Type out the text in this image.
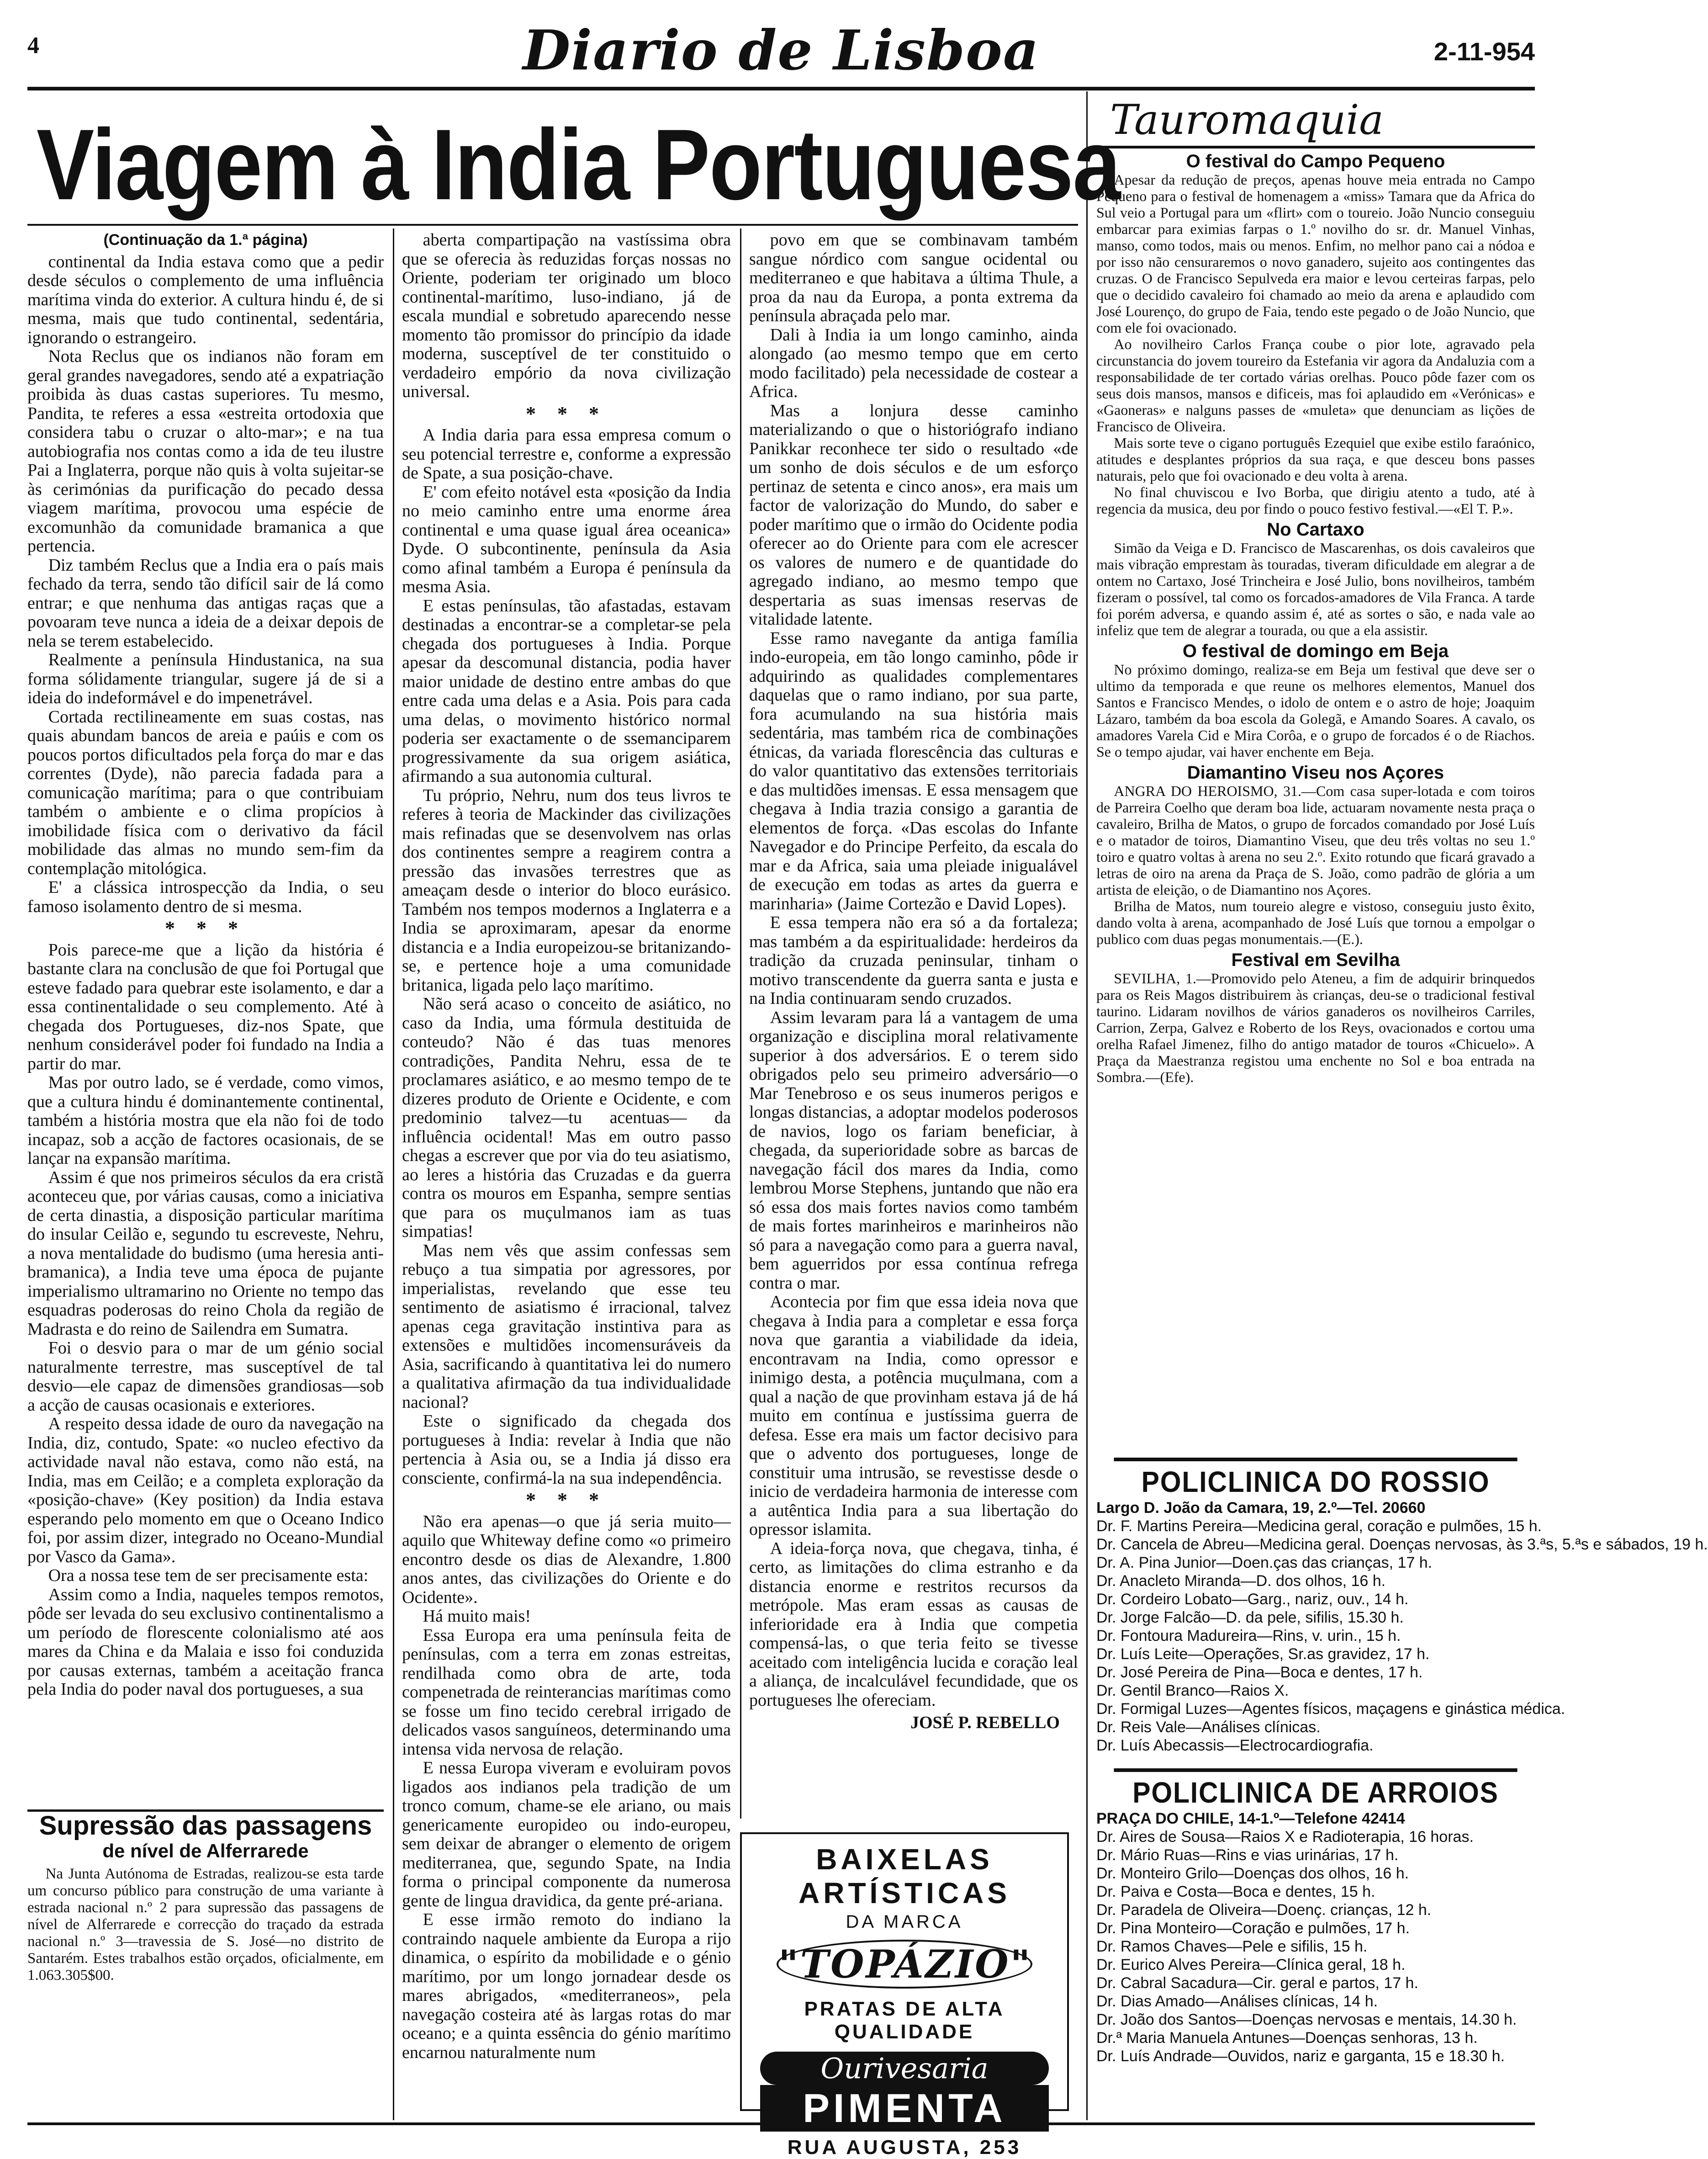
4	Diario de Lisboa	2-11-954
Viagem à India Portuguesa

(Continuação da 1.ª página)

continental da India estava como que a pedir desde séculos o complemento de uma influência marítima vinda do exterior. A cultura hindu é, de si mesma, mais que tudo continental, sedentária, ignorando o estrangeiro.

Nota Reclus que os indianos não foram em geral grandes navegadores, sendo até a expatriação proibida às duas castas superiores. Tu mesmo, Pandita, te referes a essa «estreita ortodoxia que considera tabu o cruzar o alto-mar»; e na tua autobiografia nos contas como a ida de teu ilustre Pai a Inglaterra, porque não quis à volta sujeitar-se às cerimónias da purificação do pecado dessa viagem marítima, provocou uma espécie de excomunhão da comunidade bramanica a que pertencia.

Diz também Reclus que a India era o país mais fechado da terra, sendo tão difícil sair de lá como entrar; e que nenhuma das antigas raças que a povoaram teve nunca a ideia de a deixar depois de nela se terem estabelecido.

Realmente a península Hindustanica, na sua forma sólidamente triangular, sugere já de si a ideia do indeformável e do impenetrável.

Cortada rectilineamente em suas costas, nas quais abundam bancos de areia e paúis e com os poucos portos dificultados pela força do mar e das correntes (Dyde), não parecia fadada para a comunicação marítima; para o que contribuiam também o ambiente e o clima propícios à imobilidade física com o derivativo da fácil mobilidade das almas no mundo sem-fim da contemplação mitológica.

E' a clássica introspecção da India, o seu famoso isolamento dentro de si mesma.

* * *

Pois parece-me que a lição da história é bastante clara na conclusão de que foi Portugal que esteve fadado para quebrar este isolamento, e dar a essa continentalidade o seu complemento. Até à chegada dos Portugueses, diz-nos Spate, que nenhum considerável poder foi fundado na India a partir do mar.

Mas por outro lado, se é verdade, como vimos, que a cultura hindu é dominantemente continental, também a história mostra que ela não foi de todo incapaz, sob a acção de factores ocasionais, de se lançar na expansão marítima.

Assim é que nos primeiros séculos da era cristã aconteceu que, por várias causas, como a iniciativa de certa dinastia, a disposição particular marítima do insular Ceilão e, segundo tu escreveste, Nehru, a nova mentalidade do budismo (uma heresia anti-bramanica), a India teve uma época de pujante imperialismo ultramarino no Oriente no tempo das esquadras poderosas do reino Chola da região de Madrasta e do reino de Sailendra em Sumatra.

Foi o desvio para o mar de um génio social naturalmente terrestre, mas susceptível de tal desvio—ele capaz de dimensões grandiosas—sob a acção de causas ocasionais e exteriores.

A respeito dessa idade de ouro da navegação na India, diz, contudo, Spate: «o nucleo efectivo da actividade naval não estava, como não está, na India, mas em Ceilão; e a completa exploração da «posição-chave» (Key position) da India estava esperando pelo momento em que o Oceano Indico foi, por assim dizer, integrado no Oceano-Mundial por Vasco da Gama».

Ora a nossa tese tem de ser precisamente esta:

Assim como a India, naqueles tempos remotos, pôde ser levada do seu exclusivo continentalismo a um período de florescente colonialismo até aos mares da China e da Malaia e isso foi conduzida por causas externas, também a aceitação franca pela India do poder naval dos portugueses, a sua

aberta compartipação na vastíssima obra que se oferecia às reduzidas forças nossas no Oriente, poderiam ter originado um bloco continental-marítimo, luso-indiano, já de escala mundial e sobretudo aparecendo nesse momento tão promissor do princípio da idade moderna, susceptível de ter constituido o verdadeiro empório da nova civilização universal.

* * *

A India daria para essa empresa comum o seu potencial terrestre e, conforme a expressão de Spate, a sua posição-chave.

E' com efeito notável esta «posição da India no meio caminho entre uma enorme área continental e uma quase igual área oceanica» Dyde. O subcontinente, península da Asia como afinal também a Europa é península da mesma Asia.

E estas penínsulas, tão afastadas, estavam destinadas a encontrar-se a completar-se pela chegada dos portugueses à India. Porque apesar da descomunal distancia, podia haver maior unidade de destino entre ambas do que entre cada uma delas e a Asia. Pois para cada uma delas, o movimento histórico normal poderia ser exactamente o de ssemanciparem progressivamente da sua origem asiática, afirmando a sua autonomia cultural.

Tu próprio, Nehru, num dos teus livros te referes à teoria de Mackinder das civilizações mais refinadas que se desenvolvem nas orlas dos continentes sempre a reagirem contra a pressão das invasões terrestres que as ameaçam desde o interior do bloco eurásico. Também nos tempos modernos a Inglaterra e a India se aproximaram, apesar da enorme distancia e a India europeizou-se britanizando-se, e pertence hoje a uma comunidade britanica, ligada pelo laço marítimo.

Não será acaso o conceito de asiático, no caso da India, uma fórmula destituida de conteudo? Não é das tuas menores contradições, Pandita Nehru, essa de te proclamares asiático, e ao mesmo tempo de te dizeres produto de Oriente e Ocidente, e com predominio talvez—tu acentuas— da influência ocidental! Mas em outro passo chegas a escrever que por via do teu asiatismo, ao leres a história das Cruzadas e da guerra contra os mouros em Espanha, sempre sentias que para os muçulmanos iam as tuas simpatias!

Mas nem vês que assim confessas sem rebuço a tua simpatia por agressores, por imperialistas, revelando que esse teu sentimento de asiatismo é irracional, talvez apenas cega gravitação instintiva para as extensões e multidões incomensuráveis da Asia, sacrificando à quantitativa lei do numero a qualitativa afirmação da tua individualidade nacional?

Este o significado da chegada dos portugueses à India: revelar à India que não pertencia à Asia ou, se a India já disso era consciente, confirmá-la na sua independência.

* * *

Não era apenas—o que já seria muito—aquilo que Whiteway define como «o primeiro encontro desde os dias de Alexandre, 1.800 anos antes, das civilizações do Oriente e do Ocidente».

Há muito mais!

Essa Europa era uma península feita de penínsulas, com a terra em zonas estreitas, rendilhada como obra de arte, toda compenetrada de reinterancias marítimas como se fosse um fino tecido cerebral irrigado de delicados vasos sanguíneos, determinando uma intensa vida nervosa de relação.

E nessa Europa viveram e evoluiram povos ligados aos indianos pela tradição de um tronco comum, chame-se ele ariano, ou mais genericamente europideo ou indo-europeu, sem deixar de abranger o elemento de origem mediterranea, que, segundo Spate, na India forma o principal componente da numerosa gente de lingua dravidica, da gente pré-ariana.

E esse irmão remoto do indiano la contraindo naquele ambiente da Europa a rijo dinamica, o espírito da mobilidade e o génio marítimo, por um longo jornadear desde os mares abrigados, «mediterraneos», pela navegação costeira até às largas rotas do mar oceano; e a quinta essência do génio marítimo encarnou naturalmente num

povo em que se combinavam também sangue nórdico com sangue ocidental ou mediterraneo e que habitava a última Thule, a proa da nau da Europa, a ponta extrema da península abraçada pelo mar.

Dali à India ia um longo caminho, ainda alongado (ao mesmo tempo que em certo modo facilitado) pela necessidade de costear a Africa.

Mas a lonjura desse caminho materializando o que o historiógrafo indiano Panikkar reconhece ter sido o resultado «de um sonho de dois séculos e de um esforço pertinaz de setenta e cinco anos», era mais um factor de valorização do Mundo, do saber e poder marítimo que o irmão do Ocidente podia oferecer ao do Oriente para com ele acrescer os valores de numero e de quantidade do agregado indiano, ao mesmo tempo que despertaria as suas imensas reservas de vitalidade latente.

Esse ramo navegante da antiga família indo-europeia, em tão longo caminho, pôde ir adquirindo as qualidades complementares daquelas que o ramo indiano, por sua parte, fora acumulando na sua história mais sedentária, mas também rica de combinações étnicas, da variada florescência das culturas e do valor quantitativo das extensões territoriais e das multidões imensas. E essa mensagem que chegava à India trazia consigo a garantia de elementos de força. «Das escolas do Infante Navegador e do Principe Perfeito, da escala do mar e da Africa, saia uma pleiade inigualável de execução em todas as artes da guerra e marinharia» (Jaime Cortezão e David Lopes).

E essa tempera não era só a da fortaleza; mas também a da espiritualidade: herdeiros da tradição da cruzada peninsular, tinham o motivo transcendente da guerra santa e justa e na India continuaram sendo cruzados.

Assim levaram para lá a vantagem de uma organização e disciplina moral relativamente superior à dos adversários. E o terem sido obrigados pelo seu primeiro adversário—o Mar Tenebroso e os seus inumeros perigos e longas distancias, a adoptar modelos poderosos de navios, logo os fariam beneficiar, à chegada, da superioridade sobre as barcas de navegação fácil dos mares da India, como lembrou Morse Stephens, juntando que não era só essa dos mais fortes navios como também de mais fortes marinheiros e marinheiros não só para a navegação como para a guerra naval, bem aguerridos por essa contínua refrega contra o mar.

Acontecia por fim que essa ideia nova que chegava à India para a completar e essa força nova que garantia a viabilidade da ideia, encontravam na India, como opressor e inimigo desta, a potência muçulmana, com a qual a nação de que provinham estava já de há muito em contínua e justíssima guerra de defesa. Esse era mais um factor decisivo para que o advento dos portugueses, longe de constituir uma intrusão, se revestisse desde o inicio de verdadeira harmonia de interesse com a autêntica India para a sua libertação do opressor islamita.

A ideia-força nova, que chegava, tinha, é certo, as limitações do clima estranho e da distancia enorme e restritos recursos da metrópole. Mas eram essas as causas de inferioridade era à India que competia compensá-las, o que teria feito se tivesse aceitado com inteligência lucida e coração leal a aliança, de incalculável fecundidade, que os portugueses lhe ofereciam.

JOSÉ P. REBELLO

Supressão das passagens
de nível de Alferrarede

Na Junta Autónoma de Estradas, realizou-se esta tarde um concurso público para construção de uma variante à estrada nacional n.º 2 para supressão das passagens de nível de Alferrarede e correcção do traçado da estrada nacional n.º 3—travessia de S. José—no distrito de Santarém. Estes trabalhos estão orçados, oficialmente, em 1.063.305$00.

BAIXELAS
ARTÍSTICAS
DA MARCA
"TOPÁZIO"
PRATAS DE ALTA
QUALIDADE
Ourivesaria
PIMENTA
RUA AUGUSTA, 253
Tauromaquia
O festival do Campo Pequeno

Apesar da redução de preços, apenas houve meia entrada no Campo Pequeno para o festival de homenagem a «miss» Tamara que da Africa do Sul veio a Portugal para um «flirt» com o toureio. João Nuncio conseguiu embarcar para eximias farpas o 1.º novilho do sr. dr. Manuel Vinhas, manso, como todos, mais ou menos. Enfim, no melhor pano cai a nódoa e por isso não censuraremos o novo ganadero, sujeito aos contingentes das cruzas. O de Francisco Sepulveda era maior e levou certeiras farpas, pelo que o decidido cavaleiro foi chamado ao meio da arena e aplaudido com José Lourenço, do grupo de Faia, tendo este pegado o de João Nuncio, que com ele foi ovacionado.

Ao novilheiro Carlos França coube o pior lote, agravado pela circunstancia do jovem toureiro da Estefania vir agora da Andaluzia com a responsabilidade de ter cortado várias orelhas. Pouco pôde fazer com os seus dois mansos, mansos e dificeis, mas foi aplaudido em «Verónicas» e «Gaoneras» e nalguns passes de «muleta» que denunciam as lições de Francisco de Oliveira.

Mais sorte teve o cigano português Ezequiel que exibe estilo faraónico, atitudes e desplantes próprios da sua raça, e que desceu bons passes naturais, pelo que foi ovacionado e deu volta à arena.

No final chuviscou e Ivo Borba, que dirigiu atento a tudo, até à regencia da musica, deu por findo o pouco festivo festival.—«El T. P.».

No Cartaxo

Simão da Veiga e D. Francisco de Mascarenhas, os dois cavaleiros que mais vibração emprestam às touradas, tiveram dificuldade em alegrar a de ontem no Cartaxo, José Trincheira e José Julio, bons novilheiros, também fizeram o possível, tal como os forcados-amadores de Vila Franca. A tarde foi porém adversa, e quando assim é, até as sortes o são, e nada vale ao infeliz que tem de alegrar a tourada, ou que a ela assistir.

O festival de domingo em Beja

No próximo domingo, realiza-se em Beja um festival que deve ser o ultimo da temporada e que reune os melhores elementos, Manuel dos Santos e Francisco Mendes, o idolo de ontem e o astro de hoje; Joaquim Lázaro, também da boa escola da Golegã, e Amando Soares. A cavalo, os amadores Varela Cid e Mira Corôa, e o grupo de forcados é o de Riachos. Se o tempo ajudar, vai haver enchente em Beja.

Diamantino Viseu nos Açores

ANGRA DO HEROISMO, 31.—Com casa super-lotada e com toiros de Parreira Coelho que deram boa lide, actuaram novamente nesta praça o cavaleiro, Brilha de Matos, o grupo de forcados comandado por José Luís e o matador de toiros, Diamantino Viseu, que deu três voltas no seu 1.º toiro e quatro voltas à arena no seu 2.º. Exito rotundo que ficará gravado a letras de oiro na arena da Praça de S. João, como padrão de glória a um artista de eleição, o de Diamantino nos Açores.

Brilha de Matos, num toureio alegre e vistoso, conseguiu justo êxito, dando volta à arena, acompanhado de José Luís que tornou a empolgar o publico com duas pegas monumentais.—(E.).

Festival em Sevilha

SEVILHA, 1.—Promovido pelo Ateneu, a fim de adquirir brinquedos para os Reis Magos distribuirem às crianças, deu-se o tradicional festival taurino. Lidaram novilhos de vários ganaderos os novilheiros Carriles, Carrion, Zerpa, Galvez e Roberto de los Reys, ovacionados e cortou uma orelha Rafael Jimenez, filho do antigo matador de touros «Chicuelo». A Praça da Maestranza registou uma enchente no Sol e boa entrada na Sombra.—(Efe).

POLICLINICA DO ROSSIO
Largo D. João da Camara, 19, 2.º—Tel. 20660
Dr. F. Martins Pereira—Medicina geral, coração e pulmões, 15 h.
Dr. Cancela de Abreu—Medicina geral. Doenças nervosas, às 3.ªs, 5.ªs e sábados, 19 h.
Dr. A. Pina Junior—Doen.ças das crianças, 17 h.
Dr. Anacleto Miranda—D. dos olhos, 16 h.
Dr. Cordeiro Lobato—Garg., nariz, ouv., 14 h.
Dr. Jorge Falcão—D. da pele, sifilis, 15.30 h.
Dr. Fontoura Madureira—Rins, v. urin., 15 h.
Dr. Luís Leite—Operações, Sr.as gravidez, 17 h.
Dr. José Pereira de Pina—Boca e dentes, 17 h.
Dr. Gentil Branco—Raios X.
Dr. Formigal Luzes—Agentes físicos, maçagens e ginástica médica.
Dr. Reis Vale—Análises clínicas.
Dr. Luís Abecassis—Electrocardiografia.
POLICLINICA DE ARROIOS
PRAÇA DO CHILE, 14-1.º—Telefone 42414
Dr. Aires de Sousa—Raios X e Radioterapia, 16 horas.
Dr. Mário Ruas—Rins e vias urinárias, 17 h.
Dr. Monteiro Grilo—Doenças dos olhos, 16 h.
Dr. Paiva e Costa—Boca e dentes, 15 h.
Dr. Paradela de Oliveira—Doenç. crianças, 12 h.
Dr. Pina Monteiro—Coração e pulmões, 17 h.
Dr. Ramos Chaves—Pele e sifilis, 15 h.
Dr. Eurico Alves Pereira—Clínica geral, 18 h.
Dr. Cabral Sacadura—Cir. geral e partos, 17 h.
Dr. Dias Amado—Análises clínicas, 14 h.
Dr. João dos Santos—Doenças nervosas e mentais, 14.30 h.
Dr.ª Maria Manuela Antunes—Doenças senhoras, 13 h.
Dr. Luís Andrade—Ouvidos, nariz e garganta, 15 e 18.30 h.
